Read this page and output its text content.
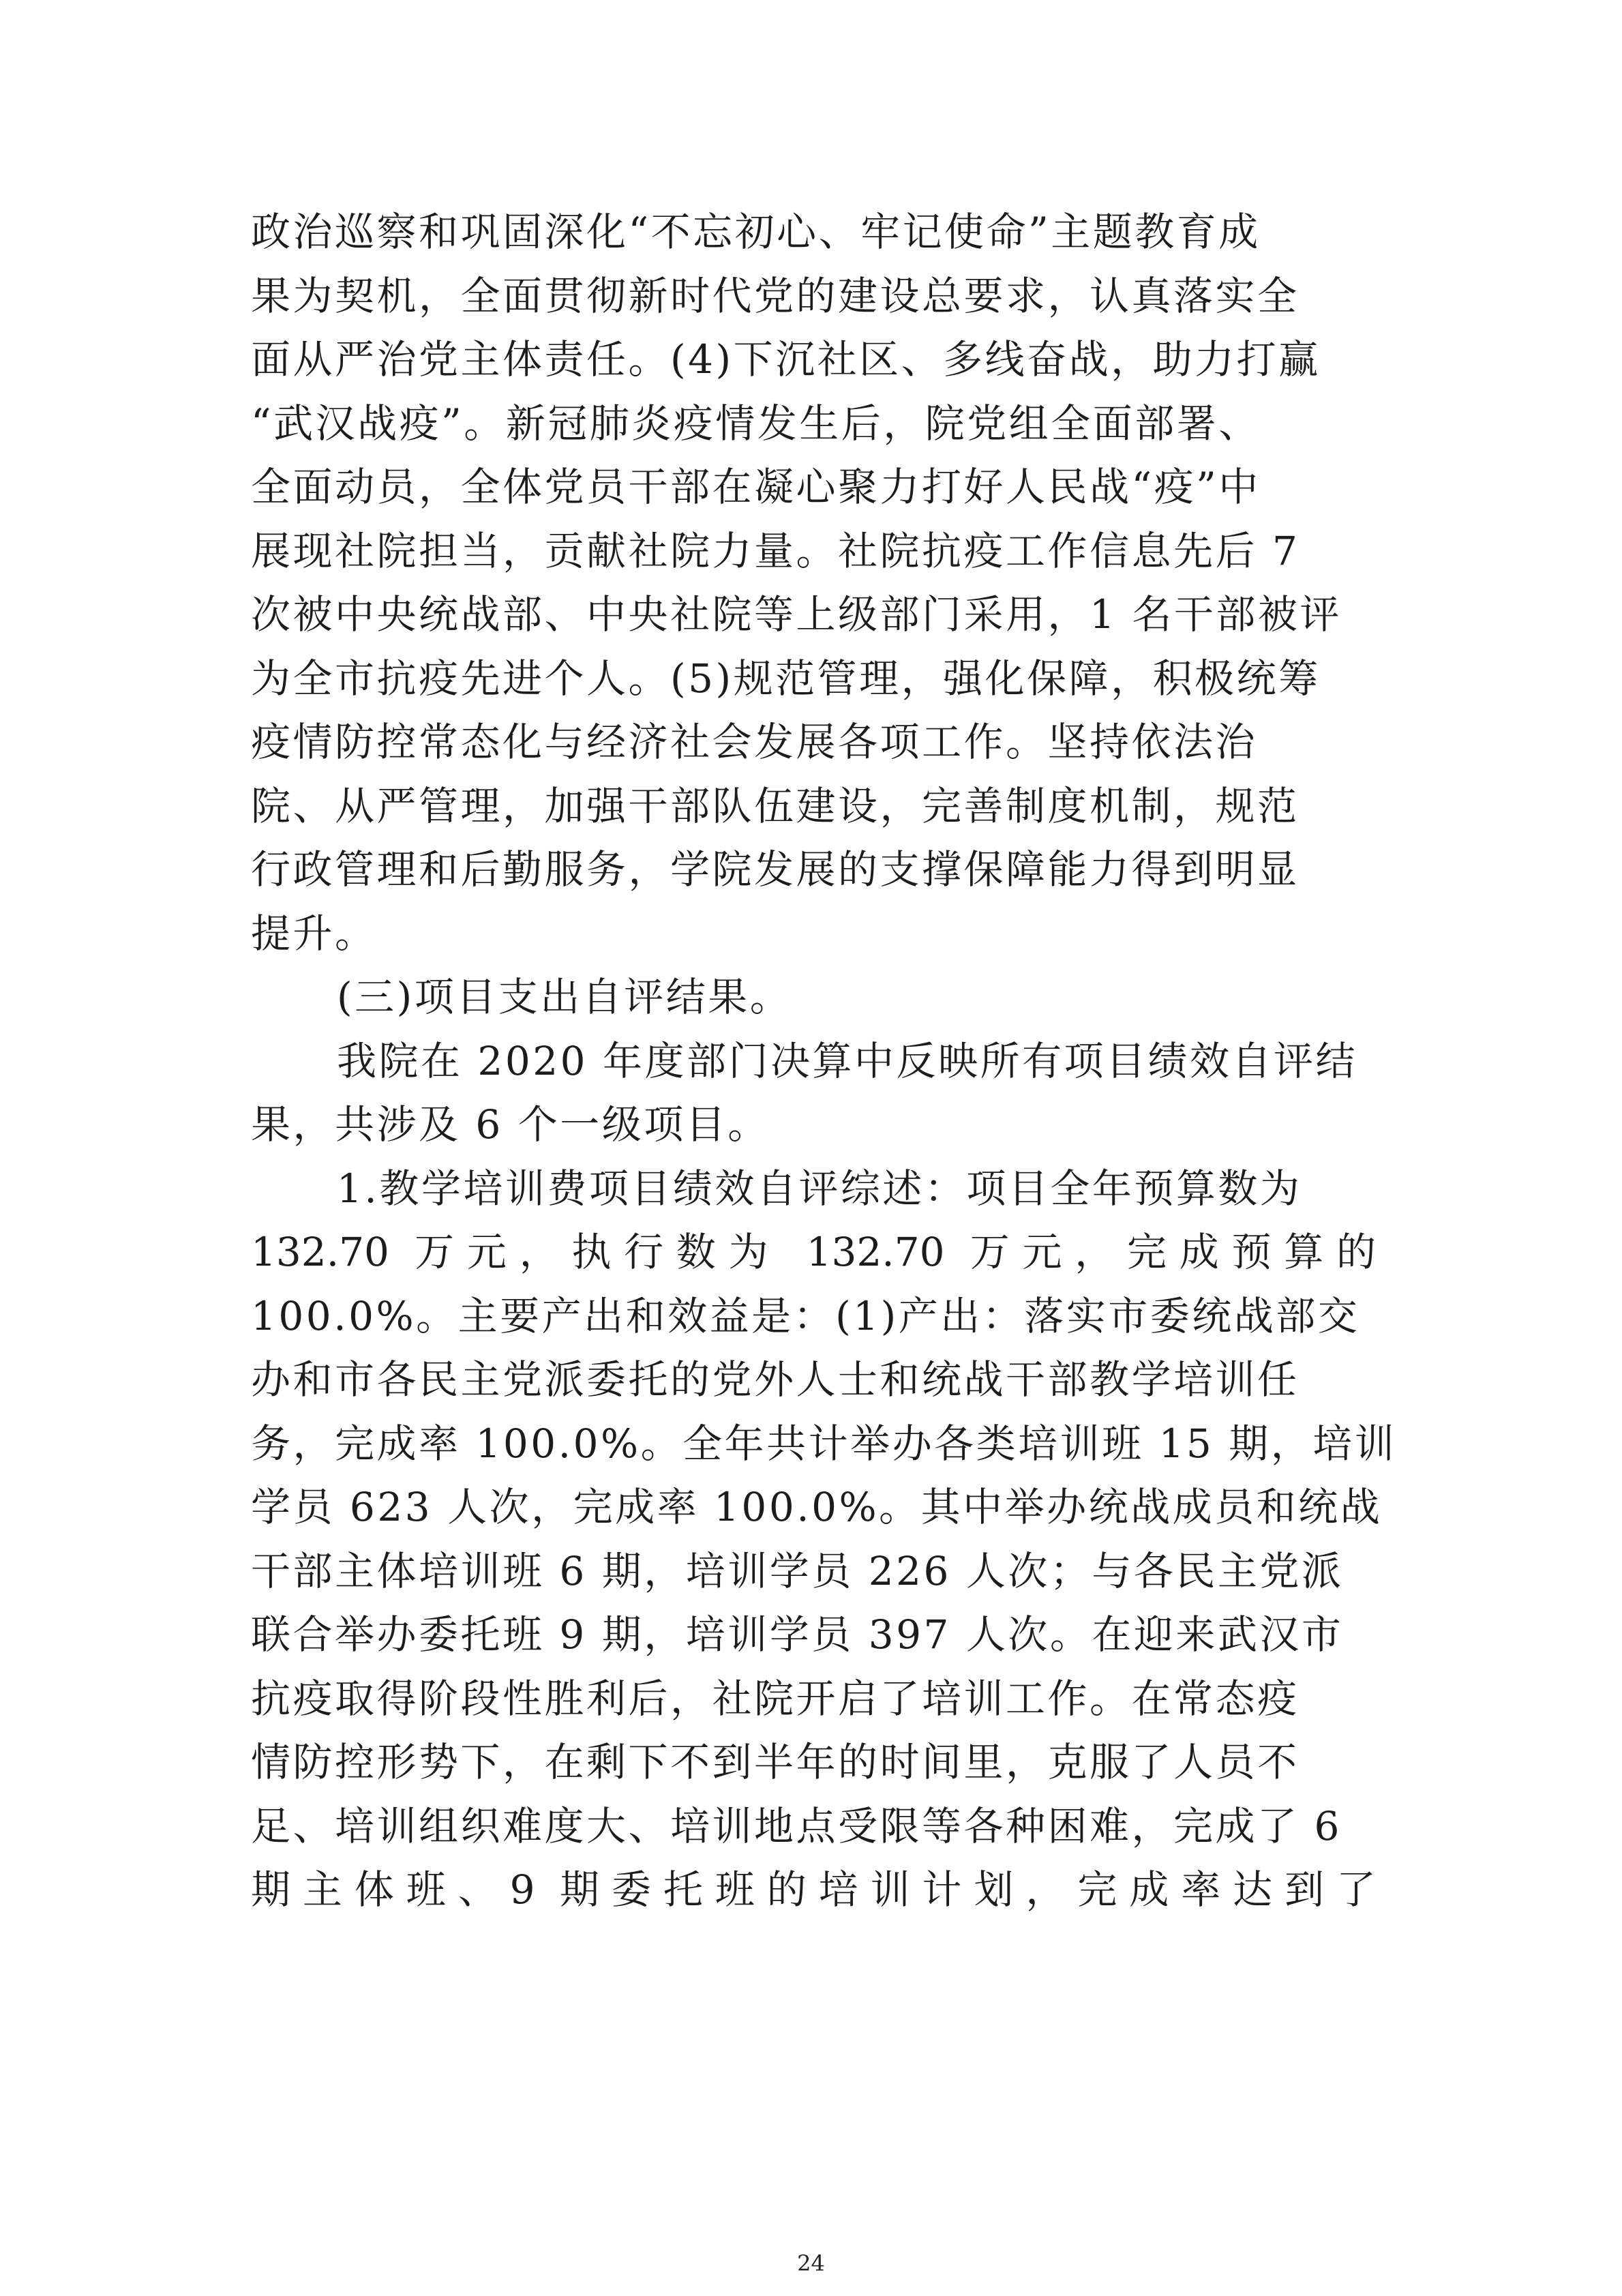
政治巡察和巩固深化“不忘初心、牢记使命”主题教育成
果为契机，全面贯彻新时代党的建设总要求，认真落实全
面从严治党主体责任。(4)下沉社区、多线奋战，助力打赢
“武汉战疫”。新冠肺炎疫情发生后，院党组全面部署、
全面动员，全体党员干部在凝心聚力打好人民战“疫”中
展现社院担当，贡献社院力量。社院抗疫工作信息先后 7
次被中央统战部、中央社院等上级部门采用，1 名干部被评
为全市抗疫先进个人。(5)规范管理，强化保障，积极统筹
疫情防控常态化与经济社会发展各项工作。坚持依法治
院、从严管理，加强干部队伍建设，完善制度机制，规范
行政管理和后勤服务，学院发展的支撑保障能力得到明显
提升。
(三)项目支出自评结果。
我院在 2020 年度部门决算中反映所有项目绩效自评结
果，共涉及 6 个一级项目。
1.教学培训费项目绩效自评综述：项目全年预算数为
132.70 万元，执行数为 132.70 万元，完成预算的
100.0%。主要产出和效益是：(1)产出：落实市委统战部交
办和市各民主党派委托的党外人士和统战干部教学培训任
务，完成率 100.0%。全年共计举办各类培训班 15 期，培训
学员 623 人次，完成率 100.0%。其中举办统战成员和统战
干部主体培训班 6 期，培训学员 226 人次；与各民主党派
联合举办委托班 9 期，培训学员 397 人次。在迎来武汉市
抗疫取得阶段性胜利后，社院开启了培训工作。在常态疫
情防控形势下，在剩下不到半年的时间里，克服了人员不
足、培训组织难度大、培训地点受限等各种困难，完成了 6
期主体班、9 期委托班的培训计划，完成率达到了
24
